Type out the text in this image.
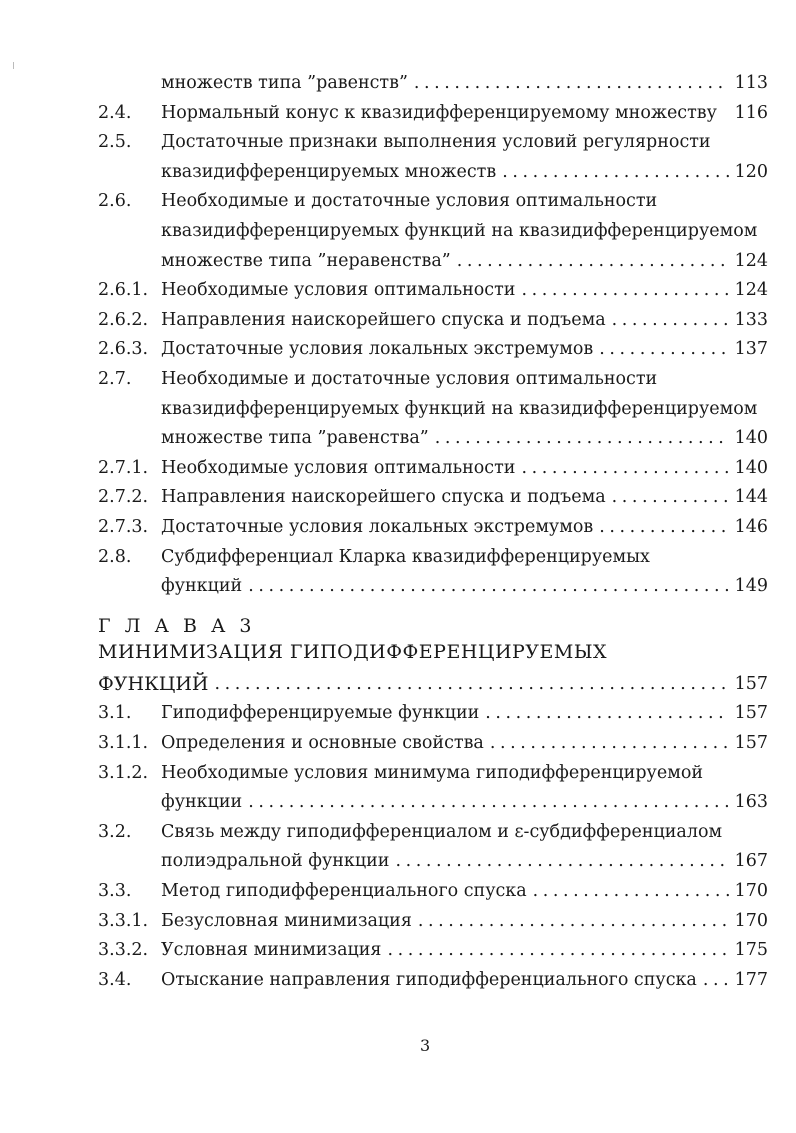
множеств типа ”равенств” . . .	113
2.4. Нормальный конус к квазидифференцируемому множеству	116
2.5. Достаточные признаки выполнения условий регулярности
квазидифференцируемых множеств . . .	120
2.6. Необходимые и достаточные условия оптимальности
квазидифференцируемых функций на квазидифференцируемом
множестве типа ”неравенства” . . .	124
2.6.1. Необходимые условия оптимальности . . .	124
2.6.2. Направления наискорейшего спуска и подъема . . .	133
2.6.3. Достаточные условия локальных экстремумов . . .	137
2.7. Необходимые и достаточные условия оптимальности
квазидифференцируемых функций на квазидифференцируемом
множестве типа ”равенства” . . .	140
2.7.1. Необходимые условия оптимальности . . .	140
2.7.2. Направления наискорейшего спуска и подъема . . .	144
2.7.3. Достаточные условия локальных экстремумов . . .	146
2.8. Субдифференциал Кларка квазидифференцируемых
функций . . .	149
Г Л А В А 3
МИНИМИЗАЦИЯ ГИПОДИФФЕРЕНЦИРУЕМЫХ
ФУНКЦИЙ . . .	157
3.1. Гиподифференцируемые функции . . .	157
3.1.1. Определения и основные свойства . . .	157
3.1.2. Необходимые условия минимума гиподифференцируемой
функции . . .	163
3.2. Связь между гиподифференциалом и ε-субдифференциалом
полиэдральной функции . . .	167
3.3. Метод гиподифференциального спуска . . .	170
3.3.1. Безусловная минимизация . . .	170
3.3.2. Условная минимизация . . .	175
3.4. Отыскание направления гиподифференциального спуска . . .	177
3
